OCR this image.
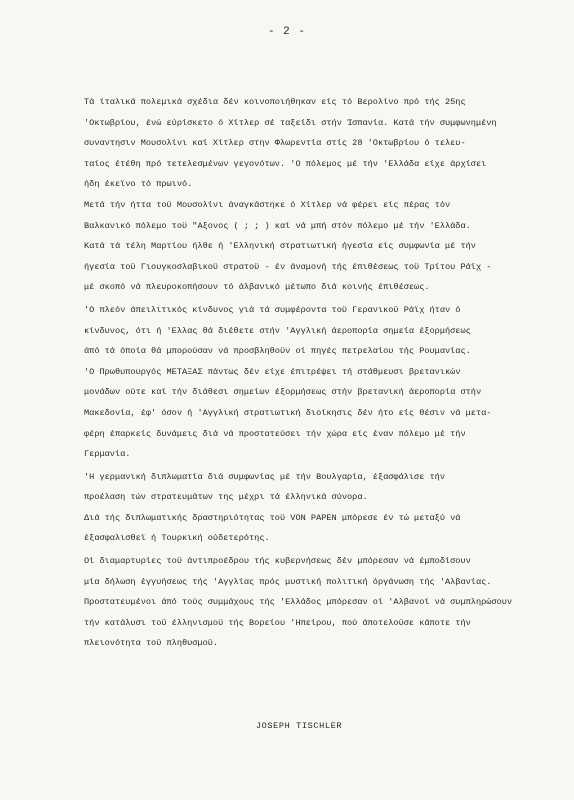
- 2 -
Τά ίταλικά πολεμικά σχέδια δέν κοινοποιήθηκαν είς τό Βερολίνο πρό τής 25ης
'Οκτωβρίου, ένώ εύρίσκετο ό Χίτλερ σέ ταξείδι στήν Ίσπανία. Κατά τήν συμφωνημένη
συναντησιν Μουσολίνι καί Χίτλερ στην Φλωρεντία στίς 28 'Οκτωβρίου ό τελευ-
ταίος έτέθη πρό τετελεσμένων γεγονότων. 'Ο πόλεμος μέ τήν 'Ελλάδα είχε άρχίσει
ήδη έκεϊνο τό πρωινό.
Μετά τήν ήττα τοϋ Μουσολίνι άναγκάστηκε ό Χίτλερ νά φέρει είς πέρας τόν
Βαλκανικό πόλεμο τοϋ "Αξονος ( ; ; ) καί νά μπή στόν πόλεμο μέ τήν 'Ελλάδα.
Κατά τά τέλη Μαρτίου ήλθε ή 'Ελληνική στρατιωτική ήγεσία είς συμφωνία μέ τήν
ήγεσία τοϋ Γιουγκοσλαβικοϋ στρατοϋ - έν άναμονή τής έπιθέσεως τοϋ Τρίτου Ράϊχ -
μέ σκοπό νά πλευροκοπήσουν τό άλβανικό μέτωπο διά κοινής έπιθέσεως.
'Ο πλεόν άπειλιτικός κίνδυνος γιά τά συμφέροντα τοϋ Γερανικοϋ Ράϊχ ήταν ό
κίνδυνος, ότι ή 'Ελλας θά διέθετε στήν 'Αγγλική άεροπορία σημεία έξορμήσεως
άπό τά όποία θά μπορούσαν νά προσβληθοϋν οί πηγές πετρελαίου τής Ρουμανίας.
'Ο Πρωθυπουργός ΜΕΤΑΞΑΣ πάντως δέν είχε έπιτρέψει τή στάθμευσι βρετανικών
μονάδων ούτε καί τήν διάθεσι σημείων έξορμήσεως στήν βρετανική άεροπορία στήν
Μακεδονία, έφ' όσον ή 'Αγγλική στρατιωτική διοίκησις δέν ήτο είς θέσιν νά μετα-
φέρη έπαρκείς δυνάμεις διά νά προστατεύσει τήν χώρα είς έναν πόλεμο μέ τήν
Γερμανία.
'Η γερμανική διπλωματία διά συμφωνίας μέ τήν Βουλγαρία, έξασφάλισε τήν
προέλαση τών στρατευμάτων της μέχρι τά έλληνικά σύνορα.
Διά τής διπλωματικής δραστηριότητας τοϋ VON PAPEN μπόρεσε έν τώ μεταξύ νά
έξασφαλισθεϊ ή Τουρκική ούδετερότης.
Οί διαμαρτυρίες τοϋ άντιπροέδρου τής κυβερνήσεως δέν μπόρεσαν νά έμποδίσουν
μία δήλωση έγγυήσεως τής 'Αγγλίας πρός μυστική πολιτική όργάνωση τής 'Αλβανίας.
Προστατευμένοι άπό τούς συμμάχους τής 'Ελλάδος μπόρεσαν οί 'Αλβανοί νά συμπληρώσουν
τήν κατάλυσι τοϋ έλληνισμοϋ τής Βορείου 'Ηπείρου, πού άποτελοϋσε κάποτε τήν
πλειονότητα τοϋ πληθυσμοϋ.
JOSEPH TISCHLER
